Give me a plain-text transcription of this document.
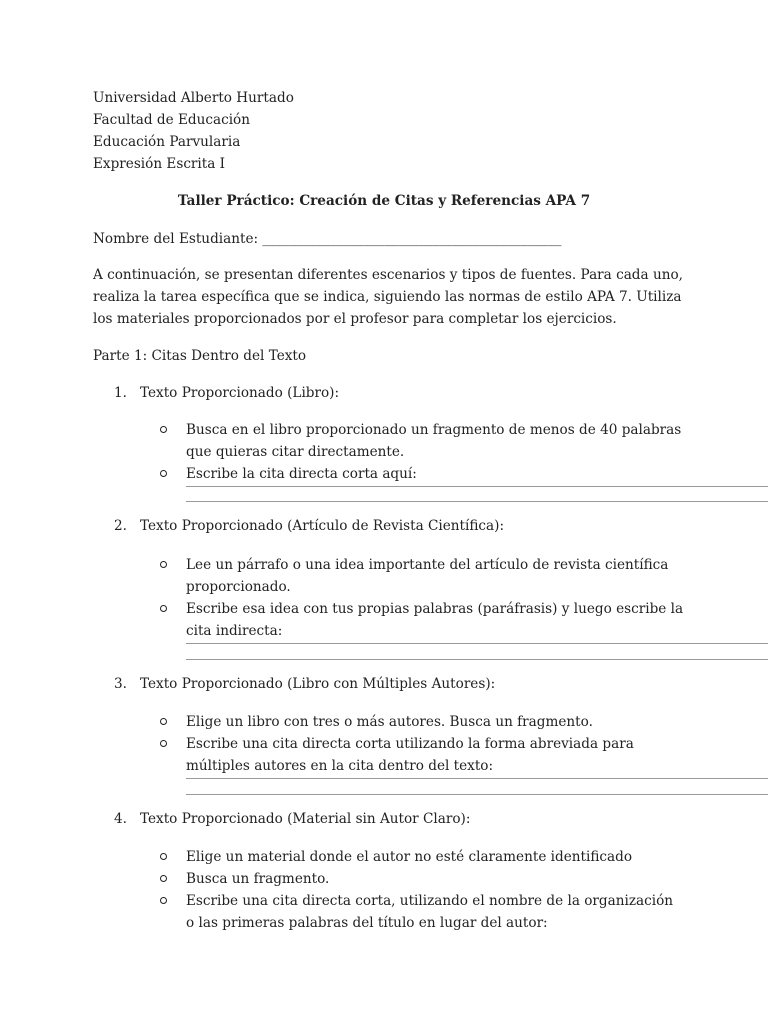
Universidad Alberto Hurtado
Facultad de Educación
Educación Parvularia
Expresión Escrita I
Taller Práctico: Creación de Citas y Referencias APA 7
Nombre del Estudiante: ____________________________________________
A continuación, se presentan diferentes escenarios y tipos de fuentes. Para cada uno,
realiza la tarea específica que se indica, siguiendo las normas de estilo APA 7. Utiliza
los materiales proporcionados por el profesor para completar los ejercicios.
Parte 1: Citas Dentro del Texto
1. Texto Proporcionado (Libro):
Busca en el libro proporcionado un fragmento de menos de 40 palabras
que quieras citar directamente.
Escribe la cita directa corta aquí:
2. Texto Proporcionado (Artículo de Revista Científica):
Lee un párrafo o una idea importante del artículo de revista científica
proporcionado.
Escribe esa idea con tus propias palabras (paráfrasis) y luego escribe la
cita indirecta:
3. Texto Proporcionado (Libro con Múltiples Autores):
Elige un libro con tres o más autores. Busca un fragmento.
Escribe una cita directa corta utilizando la forma abreviada para
múltiples autores en la cita dentro del texto:
4. Texto Proporcionado (Material sin Autor Claro):
Elige un material donde el autor no esté claramente identificado
Busca un fragmento.
Escribe una cita directa corta, utilizando el nombre de la organización
o las primeras palabras del título en lugar del autor:
